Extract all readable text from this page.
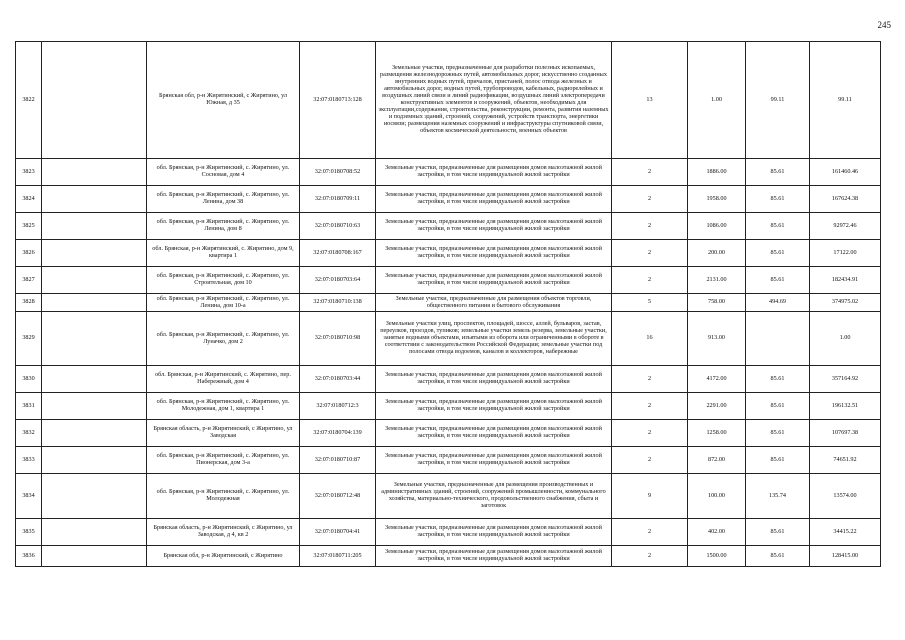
245
3822		Брянская обл, р-н Жирятинский, с Жирятино, ул Южная, д 35	32:07:0180713:128	Земельные участки, предназначенные для разработки полезных ископаемых, размещения железнодорожных путей, автомобильных дорог, искусственно созданных внутренних водных путей, причалов, пристаней, полос отвода железных и автомобильных дорог, водных путей, трубопроводов, кабельных, радиорелейных и воздушных линий связи и линий радиофикации, воздушных линий электропередачи конструктивных элементов и сооружений, объектов, необходимых для эксплуатации,содержания, строительства, реконструкции, ремонта, развития наземных и подземных зданий, строений, сооружений, устройств транспорта, энергетики иосвязи; размещения наземных сооружений и инфраструктуры спутниковой связи, объектов космической деятельности, военных объектов	13	1.00	99.11	99.11
3823		обл. Брянская, р-н Жирятинский, с. Жирятино, ул. Сосновая, дом 4	32:07:0180708:52	Земельные участки, предназначенные для размещения домов малоэтажной жилой застройки, в том числе индивидуальной жилой застройки	2	1886.00	85.61	161460.46
3824		обл. Брянская, р-н Жирятинский, с. Жирятино, ул. Ленина, дом 38	32:07:0180709:11	Земельные участки, предназначенные для размещения домов малоэтажной жилой застройки, в том числе индивидуальной жилой застройки	2	1958.00	85.61	167624.38
3825		обл. Брянская, р-н Жирятинский, с. Жирятино, ул. Ленина, дом 8	32:07:0180710:63	Земельные участки, предназначенные для размещения домов малоэтажной жилой застройки, в том числе индивидуальной жилой застройки	2	1086.00	85.61	92972.46
3826		обл. Брянская, р-н Жирятинский, с. Жирятино, дом 9, квартира 1	32:07:0180708:167	Земельные участки, предназначенные для размещения домов малоэтажной жилой застройки, в том числе индивидуальной жилой застройки	2	200.00	85.61	17122.00
3827		обл. Брянская, р-н Жирятинский, с. Жирятино, ул. Строительная, дом 10	32:07:0180703:64	Земельные участки, предназначенные для размещения домов малоэтажной жилой застройки, в том числе индивидуальной жилой застройки	2	2131.00	85.61	182434.91
3828		обл. Брянская, р-н Жирятинский, с. Жирятино, ул. Ленина, дом 10-а	32:07:0180710:138	Земельные участки, предназначенные для размещения объектов торговли, общественного питания и бытового обслуживания	5	758.00	494.69	374975.02
3829		обл. Брянская, р-н Жирятинский, с. Жирятино, ул. Луначко, дом 2	32:07:0180710:98	Земельные участки улиц, проспектов, площадей, шоссе, аллей, бульваров, застав, переулков, проездов, тупиков; земельные участки земель резерва, земельные участки, занятые водными объектами, изъятыми из оборота или ограниченными в обороте в соответствии с законодательством Российской Федерации; земельные участки под полосами отвода водоемов, каналов и коллекторов, набережные	16	913.00		1.00
3830		обл. Брянская, р-н Жирятинский, с. Жирятино, пер. Набережный, дом 4	32:07:0180703:44	Земельные участки, предназначенные для размещения домов малоэтажной жилой застройки, в том числе индивидуальной жилой застройки	2	4172.00	85.61	357164.92
3831		обл. Брянская, р-н Жирятинский, с. Жирятино, ул. Молодежная, дом 1, квартира 1	32:07:0180712:3	Земельные участки, предназначенные для размещения домов малоэтажной жилой застройки, в том числе индивидуальной жилой застройки	2	2291.00	85.61	196132.51
3832		Брянская область, р-н Жирятинский, с Жирятино, ул Заводская	32:07:0180704:139	Земельные участки, предназначенные для размещения домов малоэтажной жилой застройки, в том числе индивидуальной жилой застройки	2	1258.00	85.61	107697.38
3833		обл. Брянская, р-н Жирятинский, с. Жирятино, ул. Пионерская, дом 3-а	32:07:0180710:87	Земельные участки, предназначенные для размещения домов малоэтажной жилой застройки, в том числе индивидуальной жилой застройки	2	872.00	85.61	74651.92
3834		обл. Брянская, р-н Жирятинский, с. Жирятино, ул. Молодежная	32:07:0180712:48	Земельные участки, предназначенные для размещения производственных и административных зданий, строений, сооружений промышленности, коммунального хозяйства, материально-технического, продовольственного снабжения, сбыта и заготовок	9	100.00	135.74	13574.00
3835		Брянская область, р-н Жирятинский, с Жирятино, ул Заводская, д 4, кв 2	32:07:0180704:41	Земельные участки, предназначенные для размещения домов малоэтажной жилой застройки, в том числе индивидуальной жилой застройки	2	402.00	85.61	34415.22
3836		Брянская обл, р-н Жирятинский, с Жирятино	32:07:0180711:205	Земельные участки, предназначенные для размещения домов малоэтажной жилой застройки, в том числе индивидуальной жилой застройки	2	1500.00	85.61	128415.00
